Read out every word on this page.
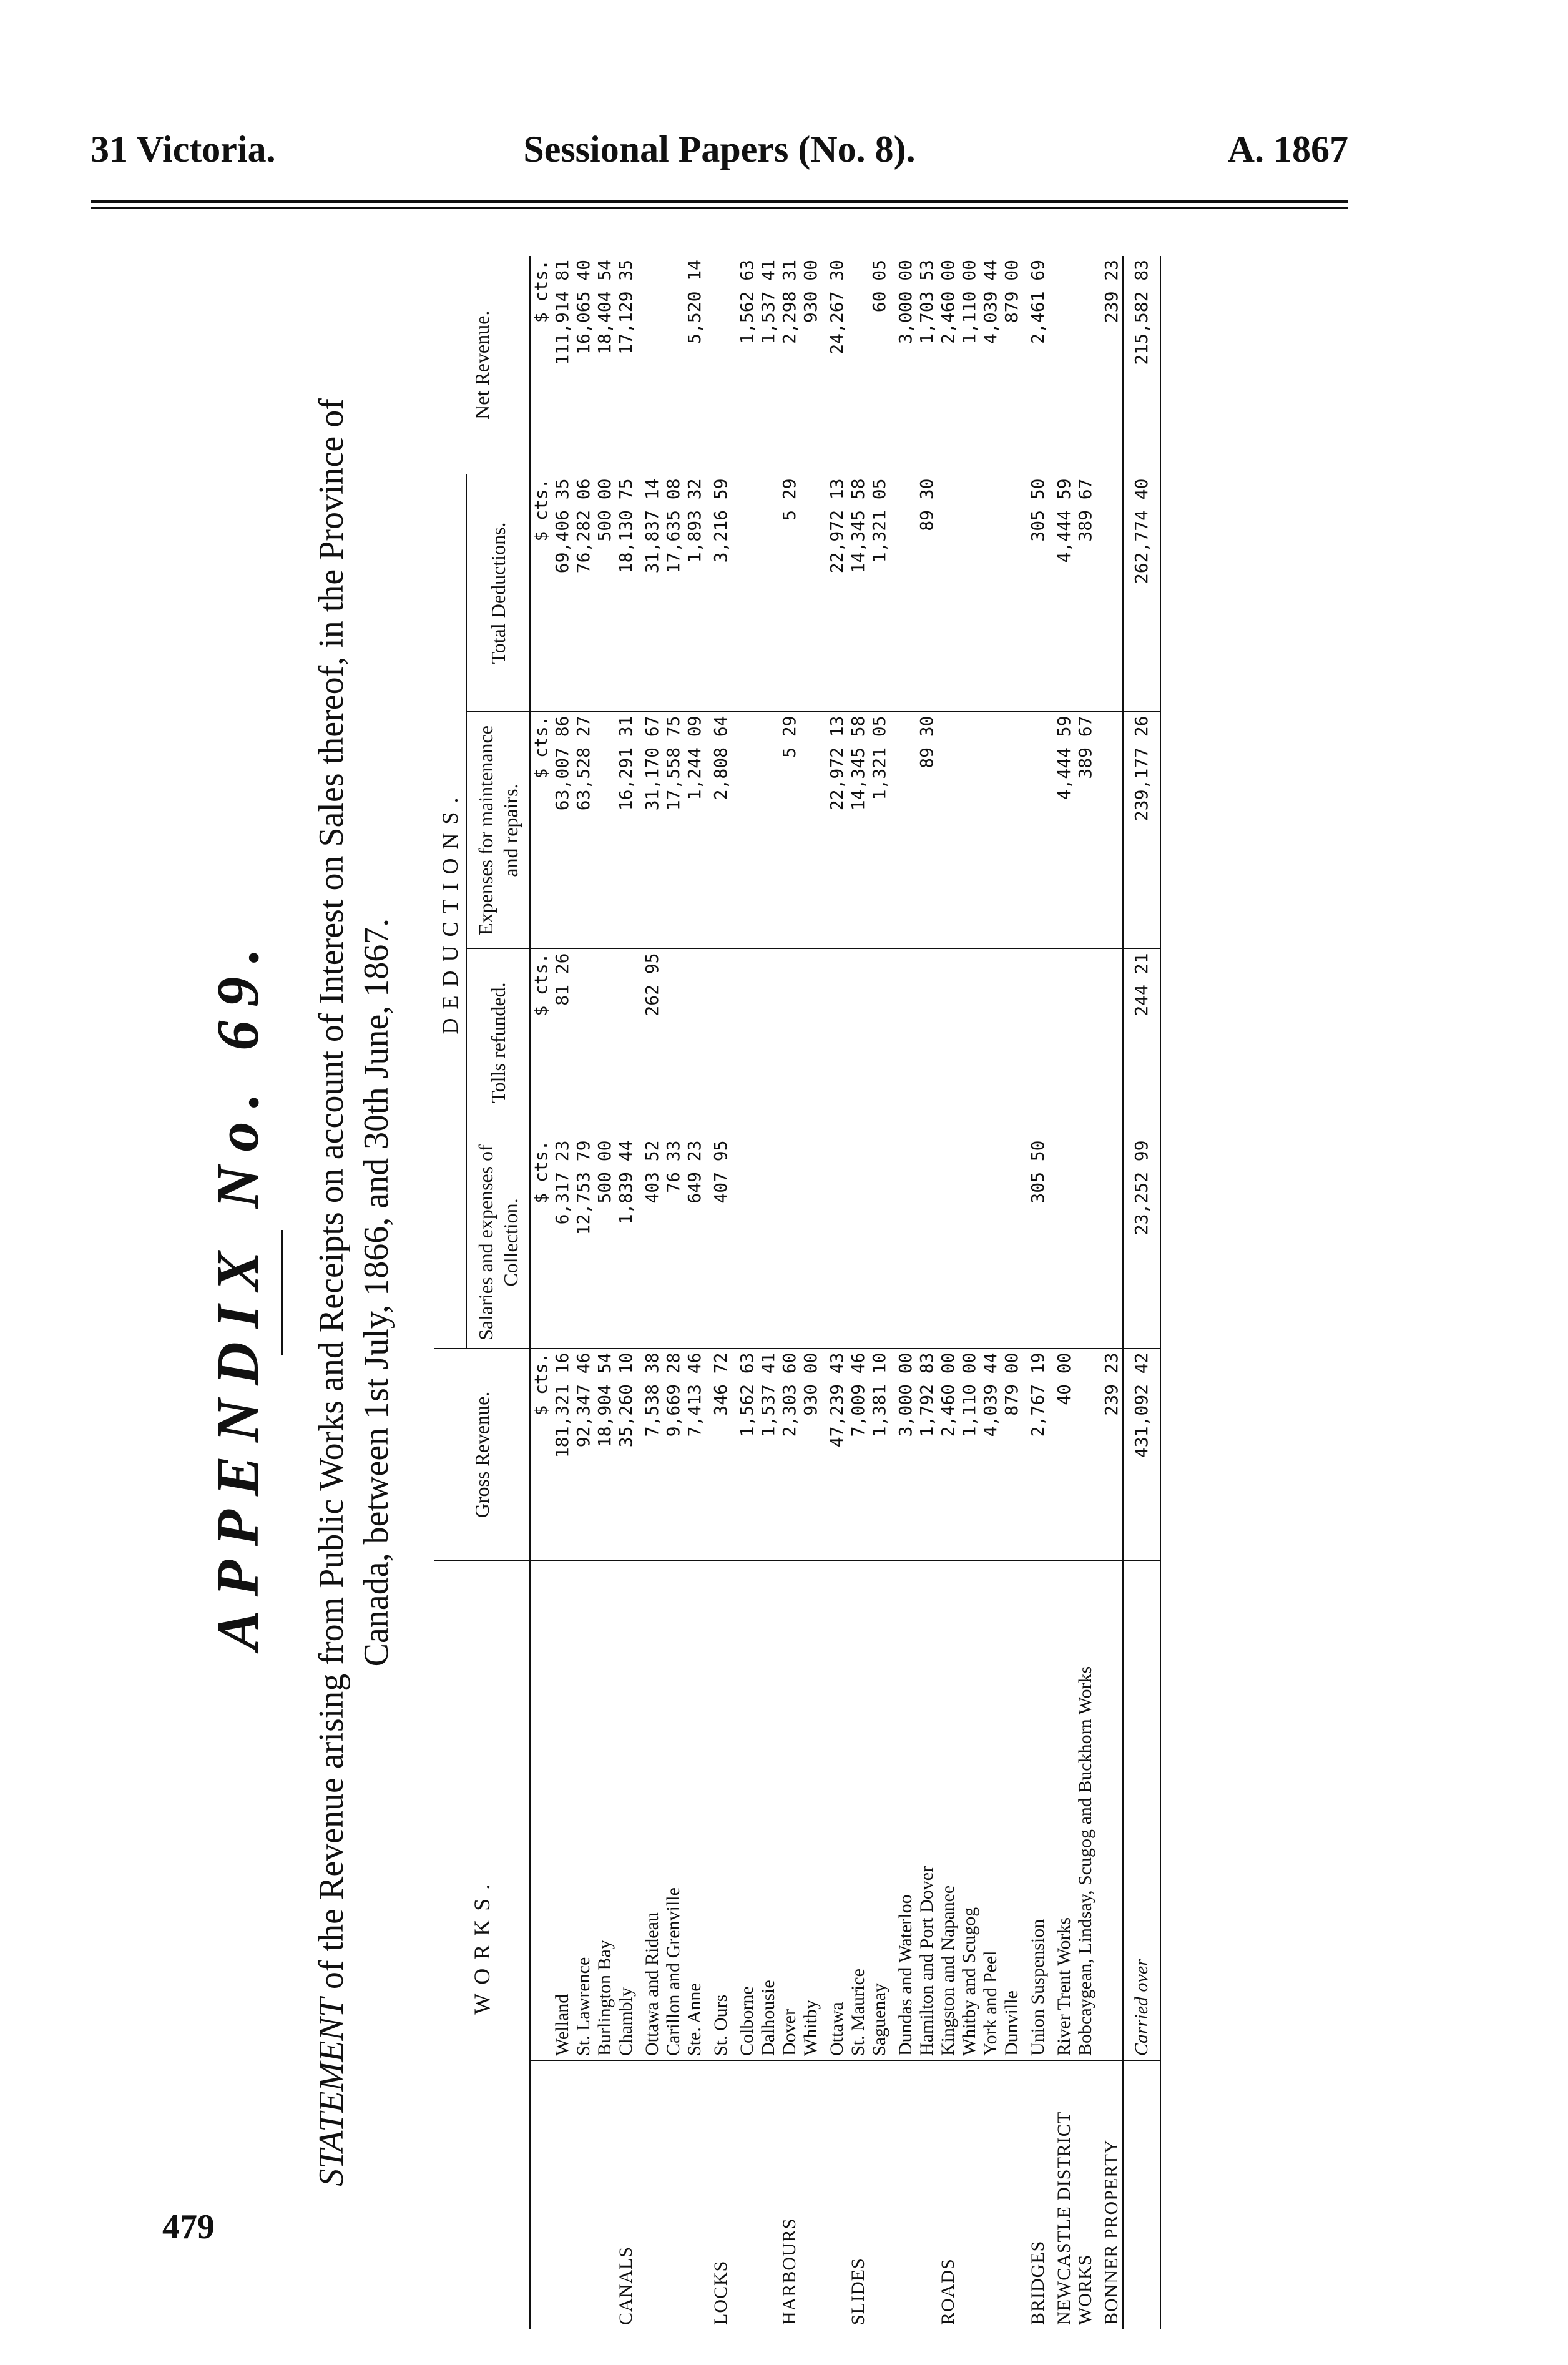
31 Victoria.	Sessional Papers (No. 8).	A. 1867
APPENDIX No. 69.
STATEMENT of the Revenue arising from Public Works and Receipts on account of Interest on Sales thereof, in the Province of Canada, between 1st July, 1866, and 30th June, 1867.
WORKS.		Gross Revenue.	DEDUCTIONS.				Net Revenue.
			Salaries and expenses of Collection.	Tolls refunded.	Expenses for maintenance and repairs.	Total Deductions.	
		$ cts.	$ cts.	$ cts.	$ cts.	$ cts.	$ cts.
	Welland	181,321 16	6,317 23	81 26	63,007 86	69,406 35	111,914 81
	St. Lawrence	92,347 46	12,753 79		63,528 27	76,282 06	16,065 40
	Burlington Bay	18,904 54	500 00			500 00	18,404 54
CANALS	Chambly	35,260 10	1,839 44		16,291 31	18,130 75	17,129 35
	Ottawa and Rideau	7,538 38	403 52	262 95	31,170 67	31,837 14	
	Carillon and Grenville	9,669 28	76 33		17,558 75	17,635 08	
	Ste. Anne	7,413 46	649 23		1,244 09	1,893 32	5,520 14
LOCKS	St. Ours	346 72	407 95		2,808 64	3,216 59	
	Colborne	1,562 63					1,562 63
	Dalhousie	1,537 41					1,537 41
HARBOURS	Dover	2,303 60			5 29	5 29	2,298 31
	Whitby	930 00					930 00
	Ottawa	47,239 43			22,972 13	22,972 13	24,267 30
SLIDES	St. Maurice	7,009 46			14,345 58	14,345 58	
	Saguenay	1,381 10			1,321 05	1,321 05	60 05
	Dundas and Waterloo	3,000 00					3,000 00
	Hamilton and Port Dover	1,792 83			89 30	89 30	1,703 53
ROADS	Kingston and Napanee	2,460 00					2,460 00
	Whitby and Scugog	1,110 00					1,110 00
	York and Peel	4,039 44					4,039 44
	Dunville	879 00					879 00
BRIDGES	Union Suspension	2,767 19	305 50			305 50	2,461 69
NEWCASTLE DISTRICT	River Trent Works	40 00			4,444 59	4,444 59	
WORKS	Bobcaygean, Lindsay, Scugog and Buckhorn Works				389 67	389 67	
BONNER PROPERTY		239 23					239 23
	Carried over	431,092 42	23,252 99	244 21	239,177 26	262,774 40	215,582 83
479
